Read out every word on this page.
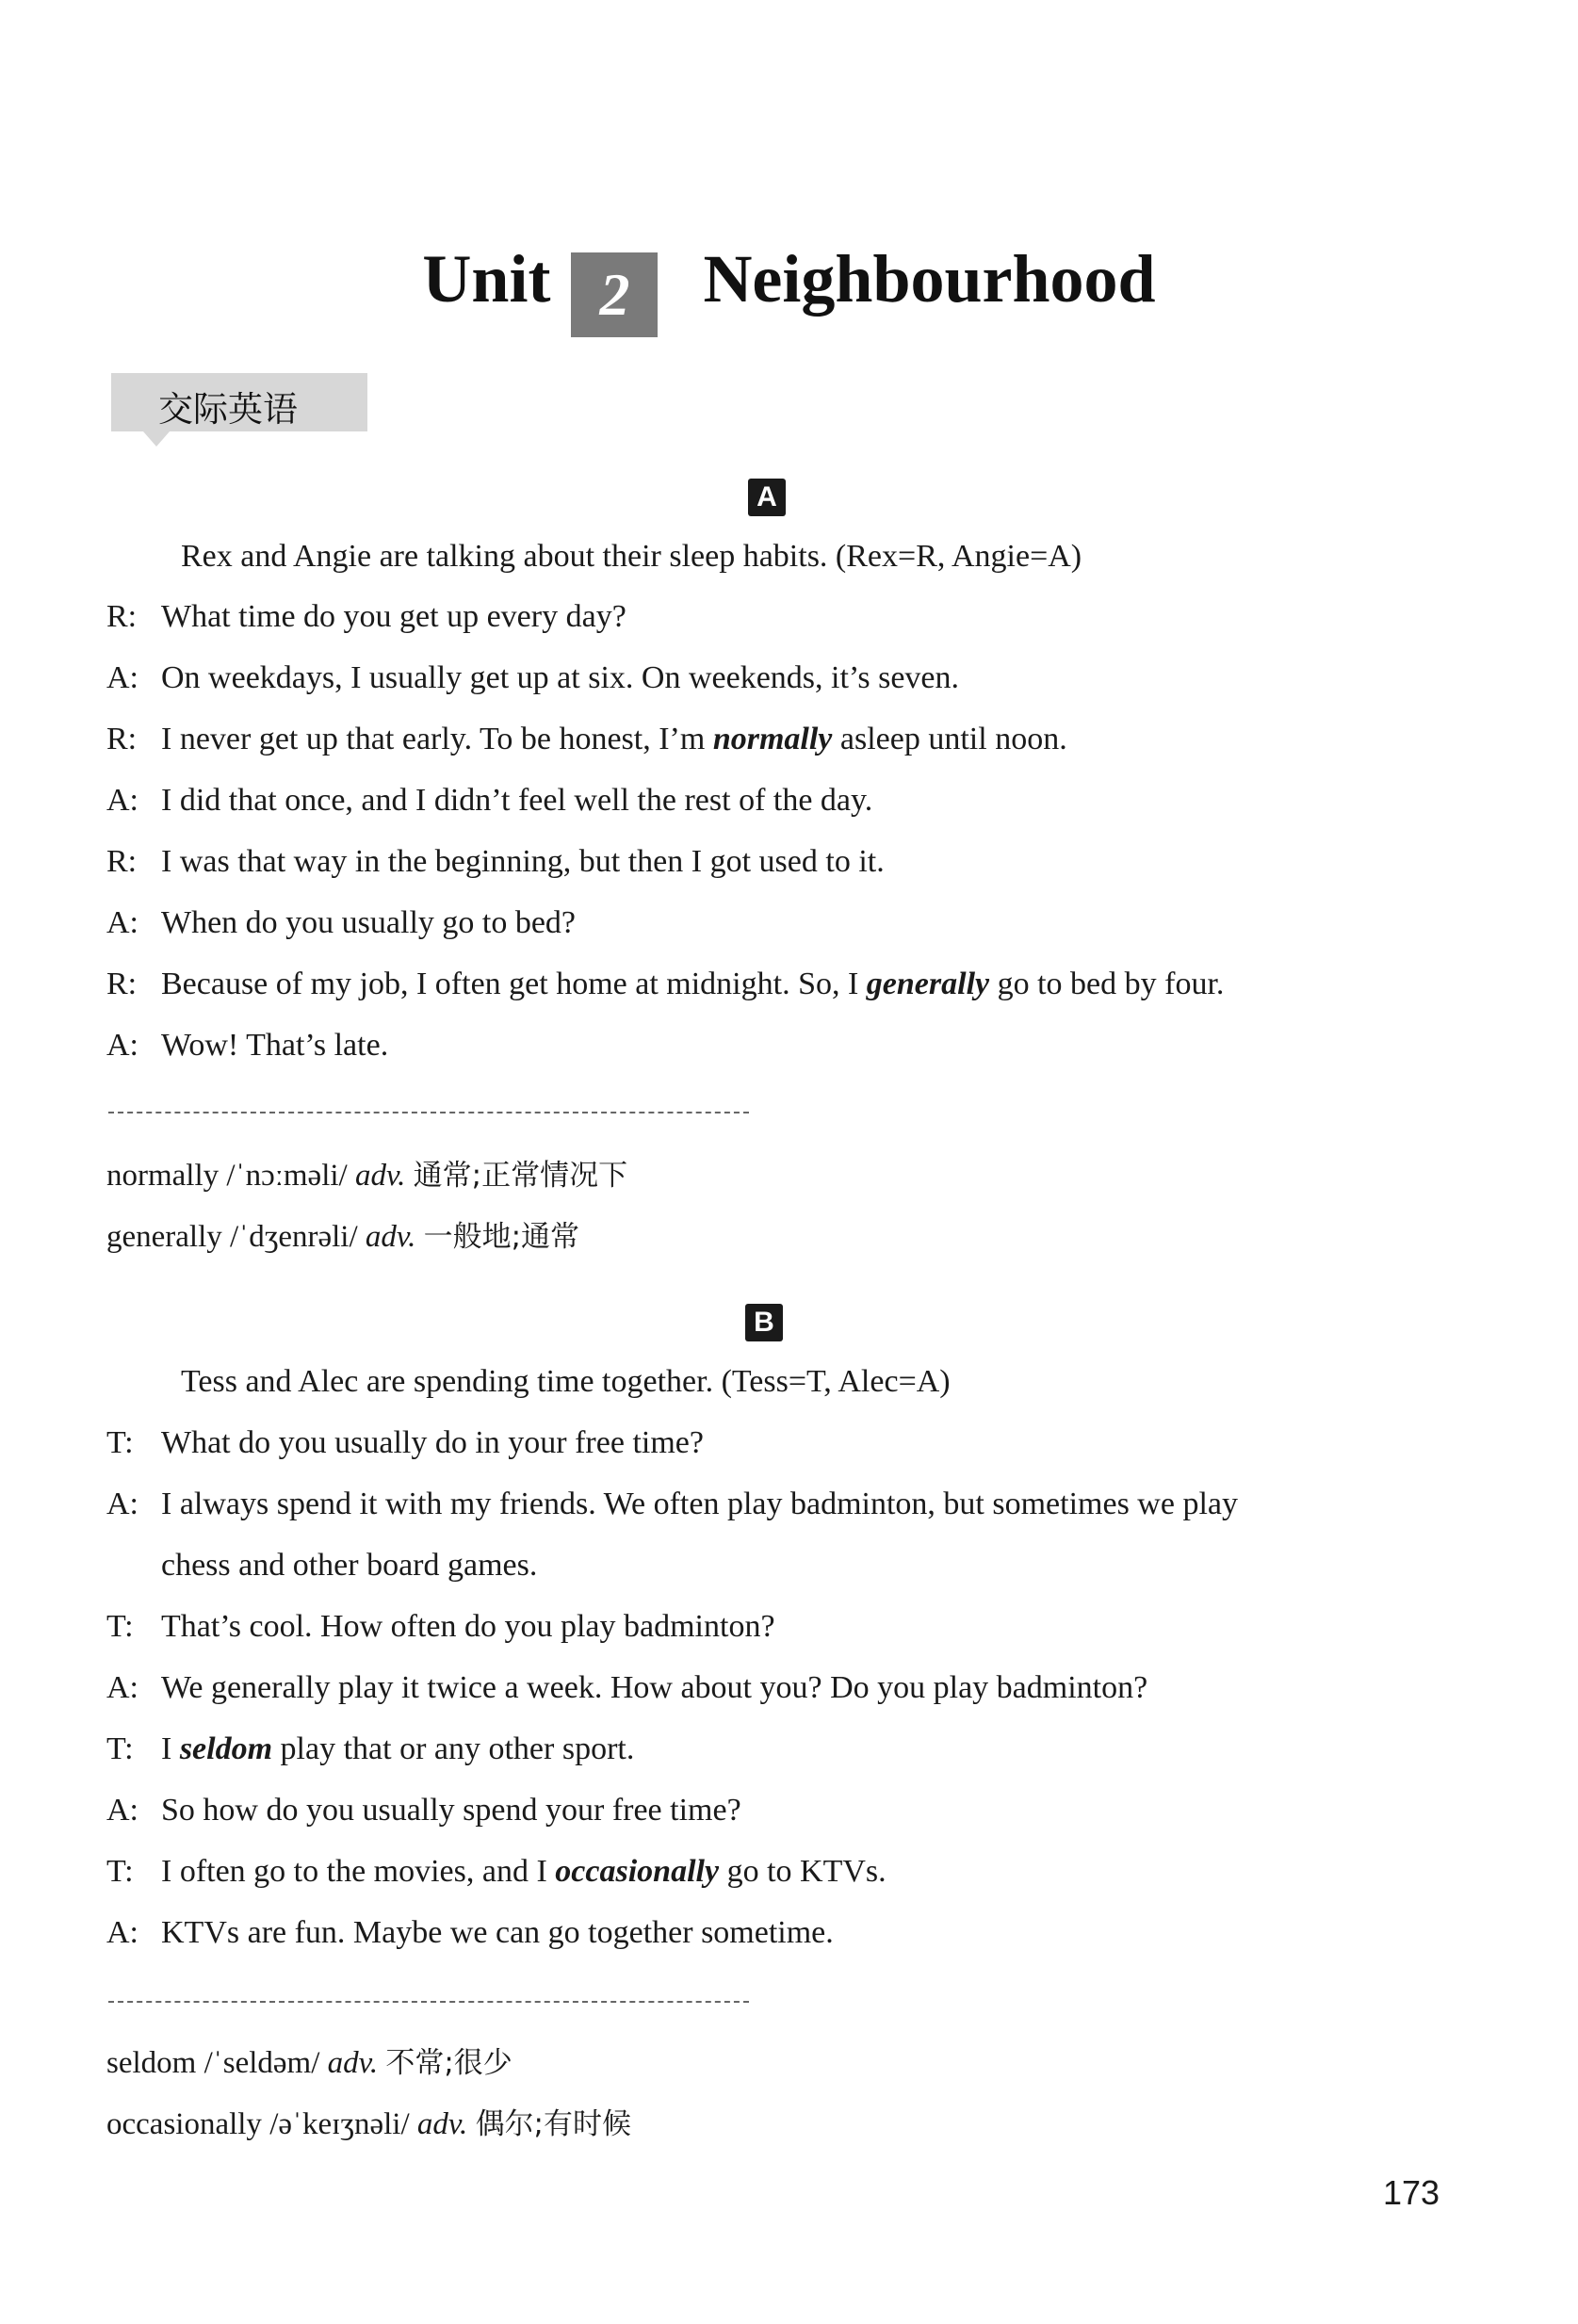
Unit 2 Neighbourhood
交际英语
A
Rex and Angie are talking about their sleep habits. (Rex=R, Angie=A)
R: What time do you get up every day?
A: On weekdays, I usually get up at six. On weekends, it’s seven.
R: I never get up that early. To be honest, I’m normally asleep until noon.
A: I did that once, and I didn’t feel well the rest of the day.
R: I was that way in the beginning, but then I got used to it.
A: When do you usually go to bed?
R: Because of my job, I often get home at midnight. So, I generally go to bed by four.
A: Wow! That’s late.
normally /ˈnɔːməli/ adv. 通常;正常情况下
generally /ˈdʒenrəli/ adv. 一般地;通常
B
Tess and Alec are spending time together. (Tess=T, Alec=A)
T: What do you usually do in your free time?
A: I always spend it with my friends. We often play badminton, but sometimes we play
chess and other board games.
T: That’s cool. How often do you play badminton?
A: We generally play it twice a week. How about you? Do you play badminton?
T: I seldom play that or any other sport.
A: So how do you usually spend your free time?
T: I often go to the movies, and I occasionally go to KTVs.
A: KTVs are fun. Maybe we can go together sometime.
seldom /ˈseldəm/ adv. 不常;很少
occasionally /əˈkeɪʒnəli/ adv. 偶尔;有时候
173
